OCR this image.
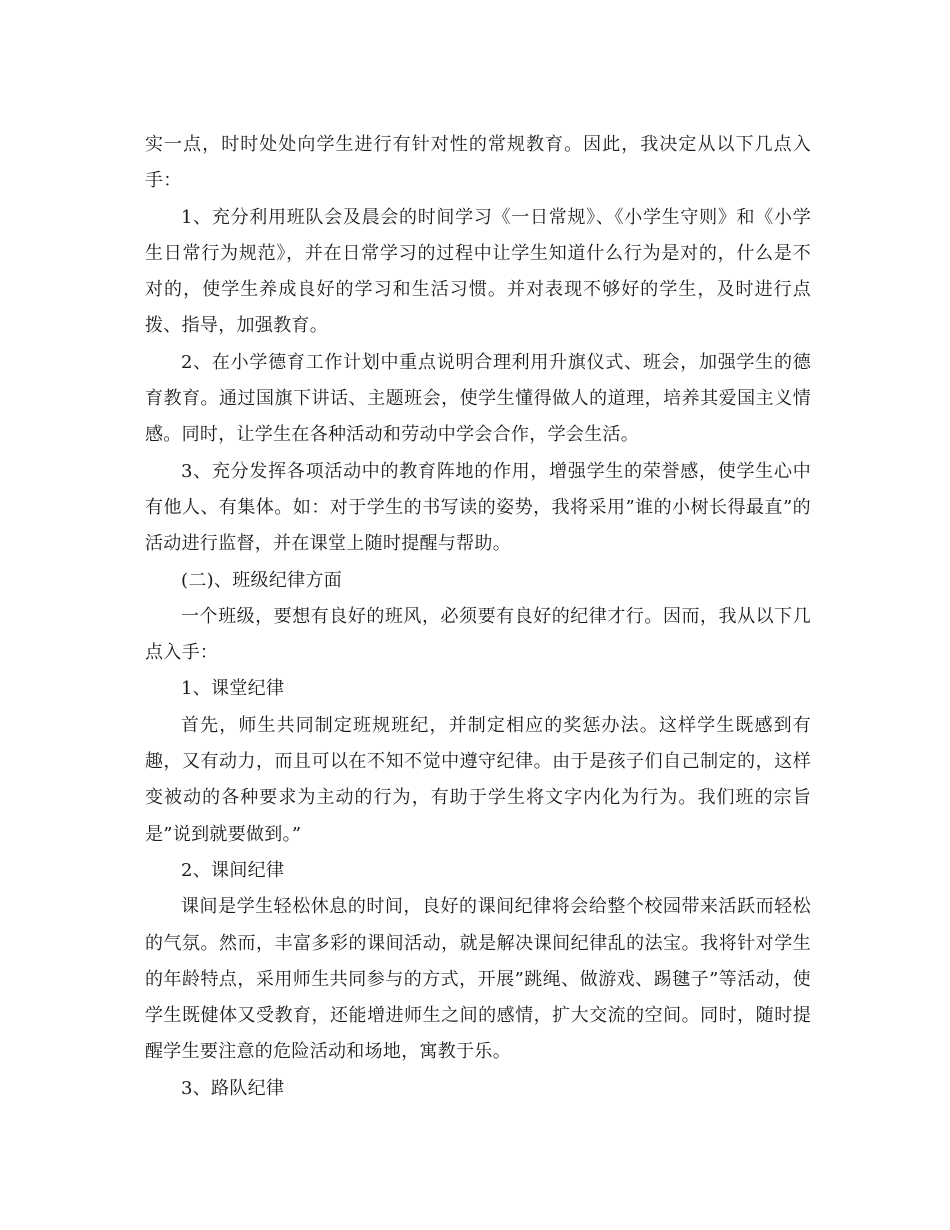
实一点，时时处处向学生进行有针对性的常规教育。因此，我决定从以下几点入手：

1、充分利用班队会及晨会的时间学习《一日常规》、《小学生守则》和《小学生日常行为规范》，并在日常学习的过程中让学生知道什么行为是对的，什么是不对的，使学生养成良好的学习和生活习惯。并对表现不够好的学生，及时进行点拨、指导，加强教育。

2、在小学德育工作计划中重点说明合理利用升旗仪式、班会，加强学生的德育教育。通过国旗下讲话、主题班会，使学生懂得做人的道理，培养其爱国主义情感。同时，让学生在各种活动和劳动中学会合作，学会生活。

3、充分发挥各项活动中的教育阵地的作用，增强学生的荣誉感，使学生心中有他人、有集体。如：对于学生的书写读的姿势，我将采用”谁的小树长得最直”的活动进行监督，并在课堂上随时提醒与帮助。

(二)、班级纪律方面

一个班级，要想有良好的班风，必须要有良好的纪律才行。因而，我从以下几点入手：

1、课堂纪律

首先，师生共同制定班规班纪，并制定相应的奖惩办法。这样学生既感到有趣，又有动力，而且可以在不知不觉中遵守纪律。由于是孩子们自己制定的，这样变被动的各种要求为主动的行为，有助于学生将文字内化为行为。我们班的宗旨是”说到就要做到。”

2、课间纪律

课间是学生轻松休息的时间，良好的课间纪律将会给整个校园带来活跃而轻松的气氛。然而，丰富多彩的课间活动，就是解决课间纪律乱的法宝。我将针对学生的年龄特点，采用师生共同参与的方式，开展”跳绳、做游戏、踢毽子”等活动，使学生既健体又受教育，还能增进师生之间的感情，扩大交流的空间。同时，随时提醒学生要注意的危险活动和场地，寓教于乐。

3、路队纪律
